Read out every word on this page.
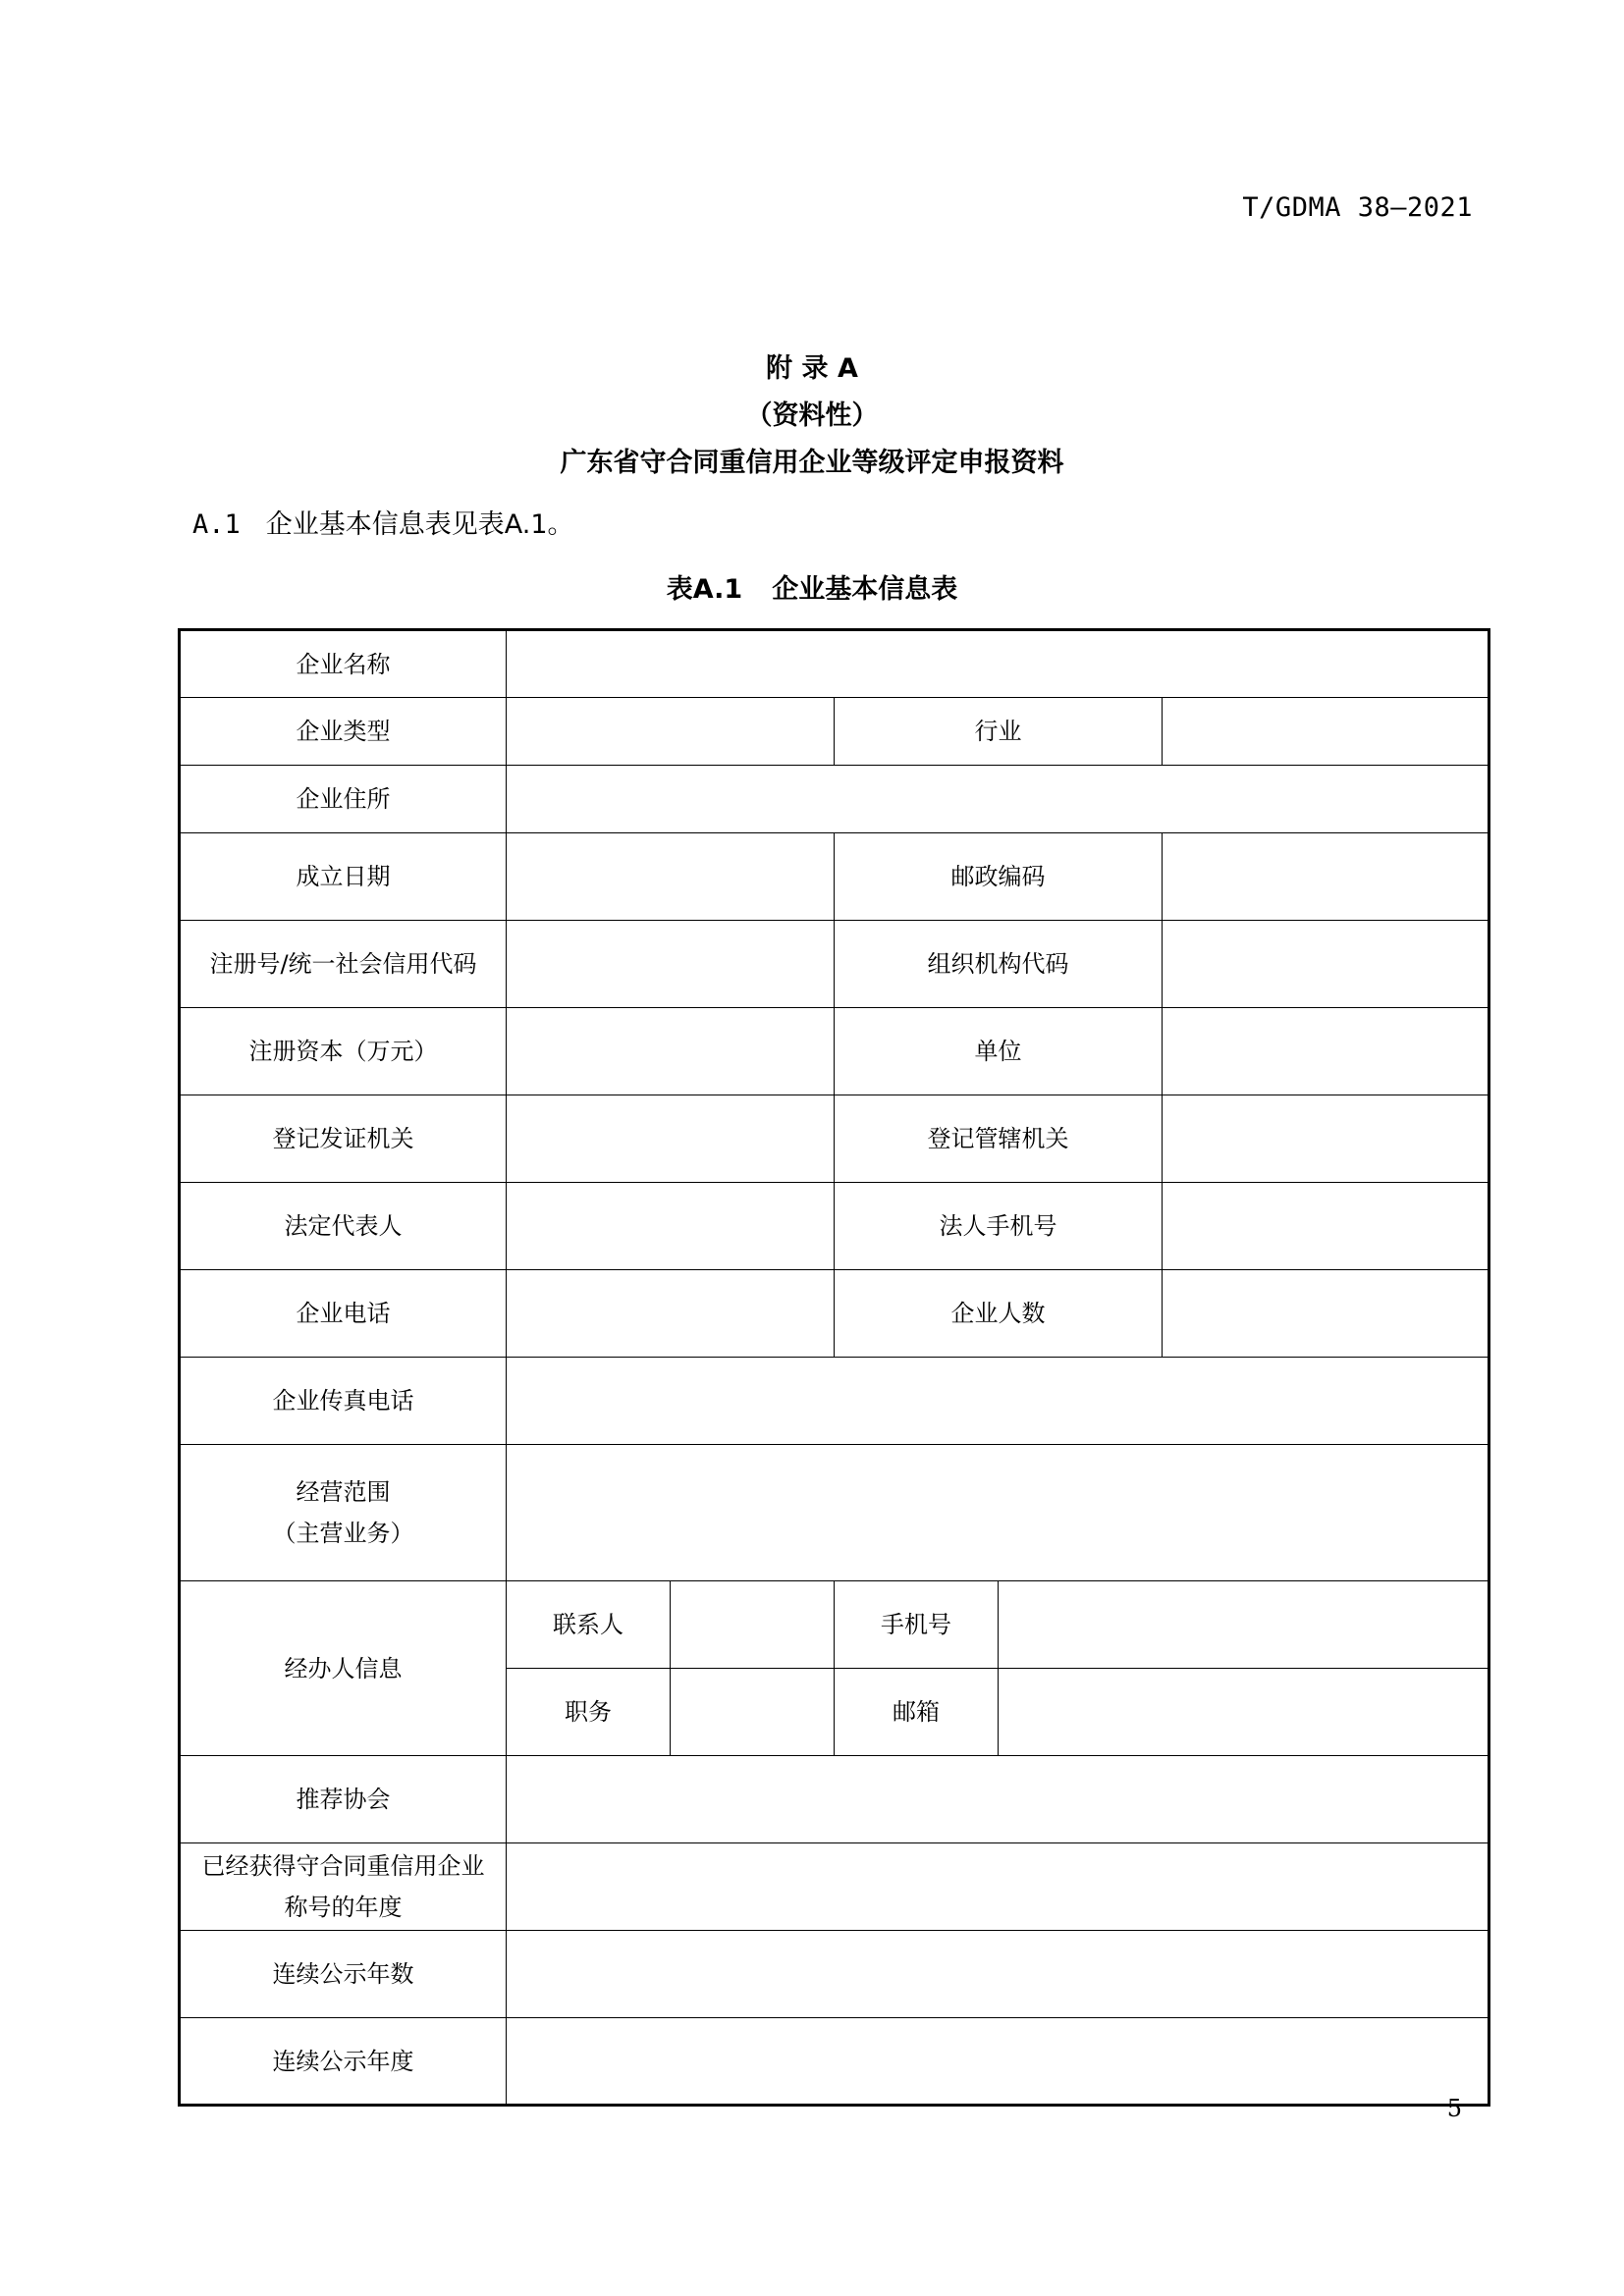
T/GDMA 38—2021
附 录 A
（资料性）
广东省守合同重信用企业等级评定申报资料
A.1 企业基本信息表见表A.1。
表A.1 企业基本信息表
企业名称					
企业类型			行业		
企业住所					
成立日期			邮政编码		
注册号/统一社会信用代码			组织机构代码		
注册资本（万元）			单位		
登记发证机关			登记管辖机关		
法定代表人			法人手机号		
企业电话			企业人数		
企业传真电话					

经营范围
（主营业务）					

经办人信息	联系人		手机号		
	职务		邮箱		
推荐协会					

已经获得守合同重信用企业
称号的年度					

连续公示年数					
连续公示年度					
5
